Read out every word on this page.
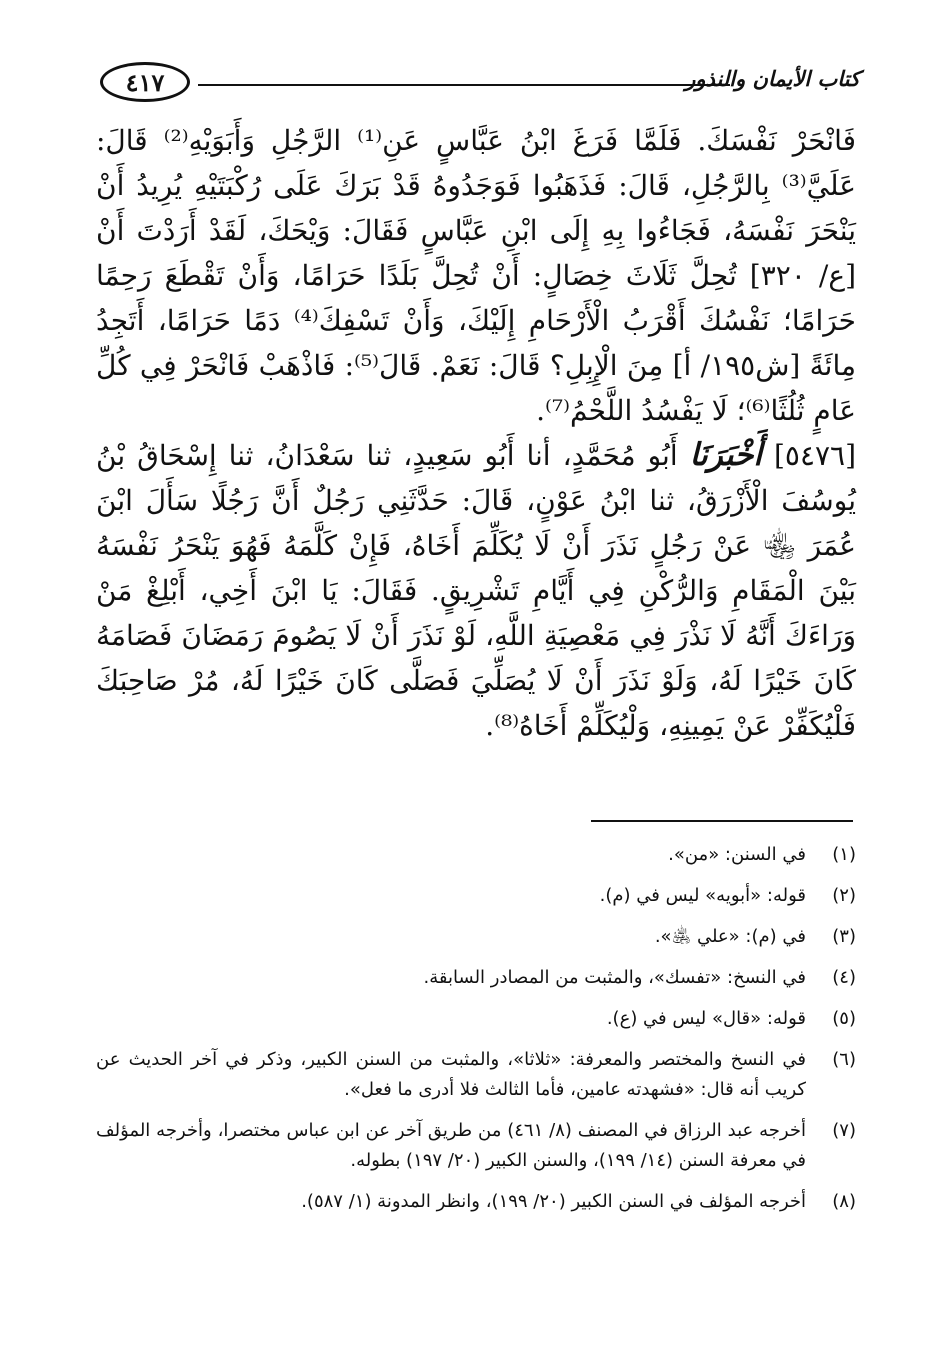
٤١٧	كتاب الأيمان والنذور

فَانْحَرْ نَفْسَكَ. فَلَمَّا فَرَغَ ابْنُ عَبَّاسٍ عَنِ⁽¹⁾ الرَّجُلِ وَأَبَوَيْهِ⁽²⁾ قَالَ: عَلَيَّ⁽³⁾ بِالرَّجُلِ، قَالَ: فَذَهَبُوا فَوَجَدُوهُ قَدْ بَرَكَ عَلَى رُكْبَتَيْهِ يُرِيدُ أَنْ يَنْحَرَ نَفْسَهُ، فَجَاءُوا بِهِ إِلَى ابْنِ عَبَّاسٍ فَقَالَ: وَيْحَكَ، لَقَدْ أَرَدْتَ أَنْ [ع/ ٣٢٠] تُحِلَّ ثَلَاثَ خِصَالٍ: أَنْ تُحِلَّ بَلَدًا حَرَامًا، وَأَنْ تَقْطَعَ رَحِمًا حَرَامًا؛ نَفْسُكَ أَقْرَبُ الْأَرْحَامِ إِلَيْكَ، وَأَنْ تَسْفِكَ⁽⁴⁾ دَمًا حَرَامًا، أَتَجِدُ مِائَةً [ش١٩٥/ أ] مِنَ الْإِبِلِ؟ قَالَ: نَعَمْ. قَالَ⁽⁵⁾: فَاذْهَبْ فَانْحَرْ فِي كُلِّ عَامٍ ثُلُثًا⁽⁶⁾؛ لَا يَفْسُدُ اللَّحْمُ⁽⁷⁾.

[٥٤٧٦] أَخْبَرَنَا أَبُو مُحَمَّدٍ، أنا أَبُو سَعِيدٍ، ثنا سَعْدَانُ، ثنا إِسْحَاقُ بْنُ يُوسُفَ الْأَزْرَقُ، ثنا ابْنُ عَوْنٍ، قَالَ: حَدَّثَنِي رَجُلٌ أَنَّ رَجُلًا سَأَلَ ابْنَ عُمَرَ ﵄ عَنْ رَجُلٍ نَذَرَ أَنْ لَا يُكَلِّمَ أَخَاهُ، فَإِنْ كَلَّمَهُ فَهُوَ يَنْحَرُ نَفْسَهُ بَيْنَ الْمَقَامِ وَالرُّكْنِ فِي أَيَّامِ تَشْرِيقٍ. فَقَالَ: يَا ابْنَ أَخِي، أَبْلِغْ مَنْ وَرَاءَكَ أَنَّهُ لَا نَذْرَ فِي مَعْصِيَةِ اللَّهِ، لَوْ نَذَرَ أَنْ لَا يَصُومَ رَمَضَانَ فَصَامَهُ كَانَ خَيْرًا لَهُ، وَلَوْ نَذَرَ أَنْ لَا يُصَلِّيَ فَصَلَّى كَانَ خَيْرًا لَهُ، مُرْ صَاحِبَكَ فَلْيُكَفِّرْ عَنْ يَمِينِهِ، وَلْيُكَلِّمْ أَخَاهُ⁽⁸⁾.

(١)
في السنن: «من».
(٢)
قوله: «أبويه» ليس في (م).
(٣)
في (م): «علي ﵁».
(٤)
في النسخ: «تفسك»، والمثبت من المصادر السابقة.
(٥)
قوله: «قال» ليس في (ع).
(٦)
في النسخ والمختصر والمعرفة: «ثلاثا»، والمثبت من السنن الكبير، وذكر في آخر الحديث عن كريب أنه قال: «فشهدته عامين، فأما الثالث فلا أدرى ما فعل».
(٧)
أخرجه عبد الرزاق في المصنف (٨/ ٤٦١) من طريق آخر عن ابن عباس مختصرا، وأخرجه المؤلف في معرفة السنن (١٤/ ١٩٩)، والسنن الكبير (٢٠/ ١٩٧) بطوله.
(٨)
أخرجه المؤلف في السنن الكبير (٢٠/ ١٩٩)، وانظر المدونة (١/ ٥٨٧).
